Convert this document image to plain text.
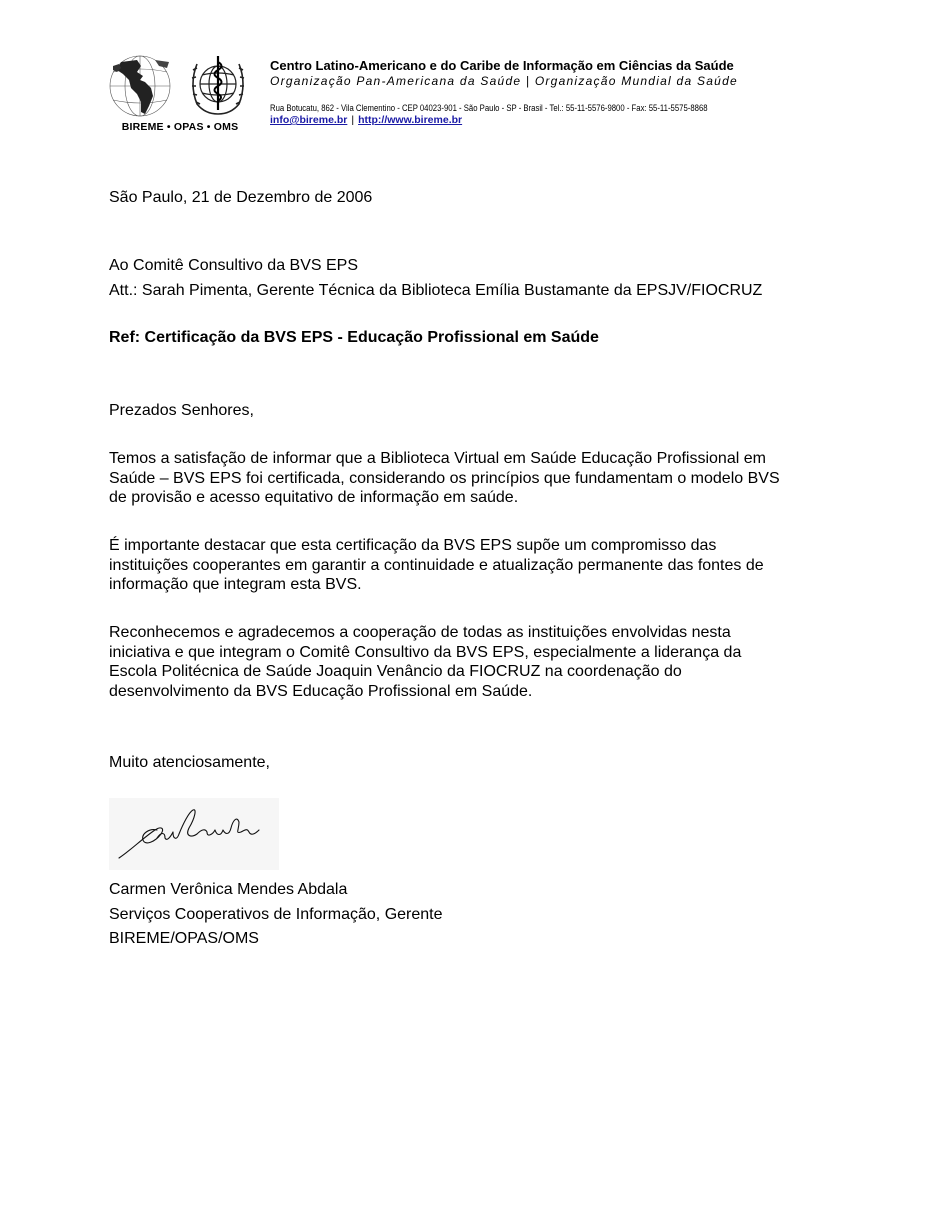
BIREME • OPAS • OMS
Centro Latino-Americano e do Caribe de Informação em Ciências da Saúde
Organização Pan-Americana da Saúde | Organização Mundial da Saúde
Rua Botucatu, 862 - Vila Clementino - CEP 04023-901 - São Paulo - SP - Brasil - Tel.: 55-11-5576-9800 - Fax: 55-11-5575-8868
info@bireme.br | http://www.bireme.br
São Paulo, 21 de Dezembro de 2006
Ao Comitê Consultivo da BVS EPS
Att.: Sarah Pimenta, Gerente Técnica da Biblioteca Emília Bustamante da EPSJV/FIOCRUZ
Ref: Certificação da BVS EPS - Educação Profissional em Saúde
Prezados Senhores,
Temos a satisfação de informar que a Biblioteca Virtual em Saúde Educação Profissional em
Saúde – BVS EPS foi certificada, considerando os princípios que fundamentam o modelo BVS
de provisão e acesso equitativo de informação em saúde.
É importante destacar que esta certificação da BVS EPS supõe um compromisso das
instituições cooperantes em garantir a continuidade e atualização permanente das fontes de
informação que integram esta BVS.
Reconhecemos e agradecemos a cooperação de todas as instituições envolvidas nesta
iniciativa e que integram o Comitê Consultivo da BVS EPS, especialmente a liderança da
Escola Politécnica de Saúde Joaquin Venâncio da FIOCRUZ na coordenação do
desenvolvimento da BVS Educação Profissional em Saúde.
Muito atenciosamente,
Carmen Verônica Mendes Abdala
Serviços Cooperativos de Informação, Gerente
BIREME/OPAS/OMS
